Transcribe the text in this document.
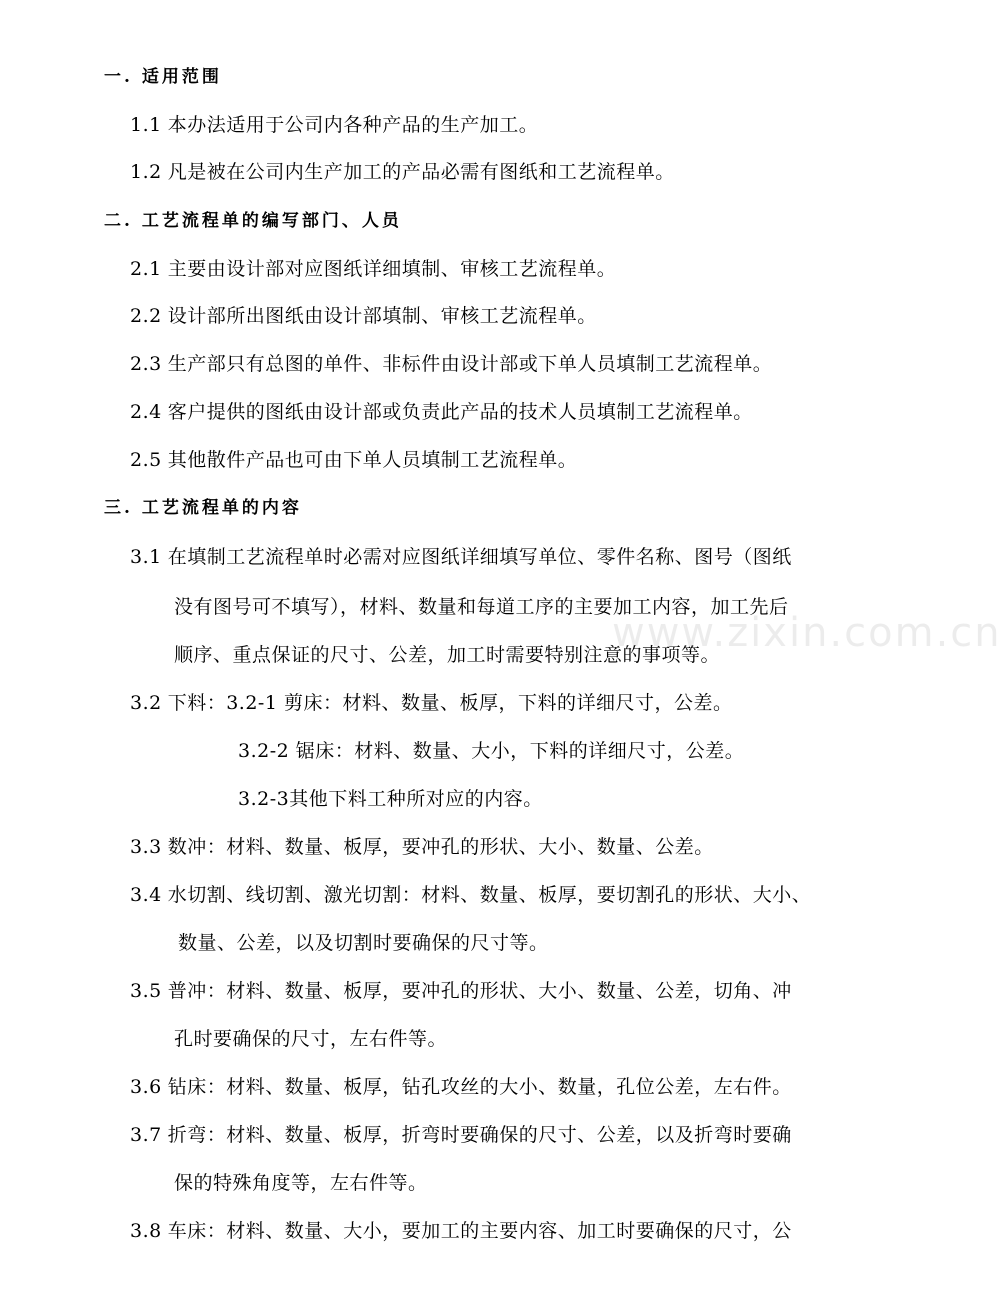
一. 适用范围
1.1 本办法适用于公司内各种产品的生产加工。
1.2 凡是被在公司内生产加工的产品必需有图纸和工艺流程单。
二. 工艺流程单的编写部门、人员
2.1 主要由设计部对应图纸详细填制、审核工艺流程单。
2.2 设计部所出图纸由设计部填制、审核工艺流程单。
2.3 生产部只有总图的单件、非标件由设计部或下单人员填制工艺流程单。
2.4 客户提供的图纸由设计部或负责此产品的技术人员填制工艺流程单。
2.5 其他散件产品也可由下单人员填制工艺流程单。
三. 工艺流程单的内容
3.1 在填制工艺流程单时必需对应图纸详细填写单位、零件名称、图号（图纸
没有图号可不填写），材料、数量和每道工序的主要加工内容，加工先后
顺序、重点保证的尺寸、公差，加工时需要特别注意的事项等。
3.2 下料：3.2-1 剪床：材料、数量、板厚，下料的详细尺寸，公差。
3.2-2 锯床：材料、数量、大小，下料的详细尺寸，公差。
3.2-3其他下料工种所对应的内容。
3.3 数冲：材料、数量、板厚，要冲孔的形状、大小、数量、公差。
3.4 水切割、线切割、激光切割：材料、数量、板厚，要切割孔的形状、大小、
数量、公差，以及切割时要确保的尺寸等。
3.5 普冲：材料、数量、板厚，要冲孔的形状、大小、数量、公差，切角、冲
孔时要确保的尺寸，左右件等。
3.6 钻床：材料、数量、板厚，钻孔攻丝的大小、数量，孔位公差，左右件。
3.7 折弯：材料、数量、板厚，折弯时要确保的尺寸、公差，以及折弯时要确
保的特殊角度等，左右件等。
3.8 车床：材料、数量、大小，要加工的主要内容、加工时要确保的尺寸，公
www.zixin.com.cn
